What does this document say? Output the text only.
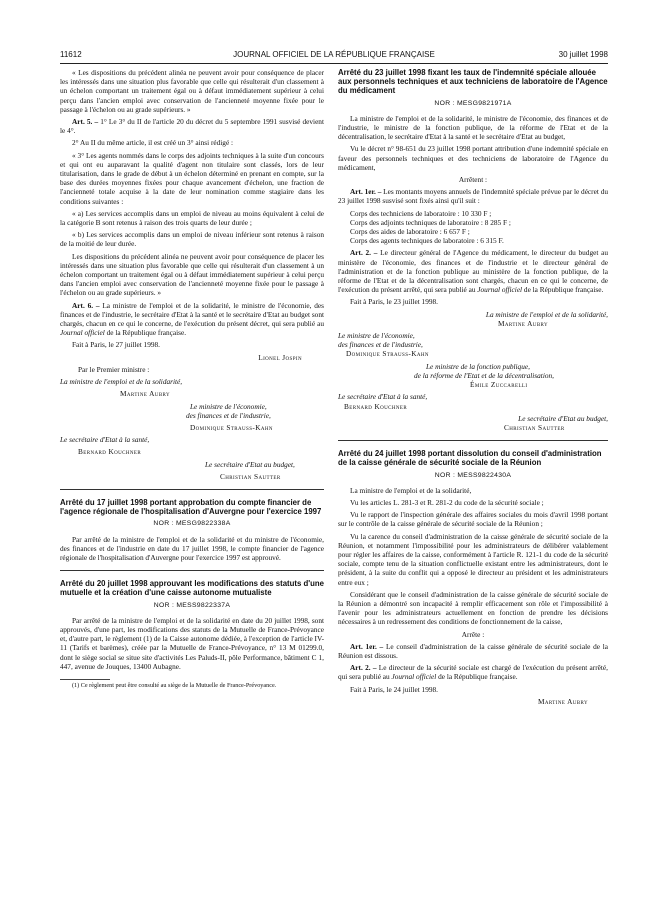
11612	JOURNAL OFFICIEL DE LA RÉPUBLIQUE FRANÇAISE	30 juillet 1998

« Les dispositions du précédent alinéa ne peuvent avoir pour conséquence de placer les intéressés dans une situation plus favorable que celle qui résulterait d'un classement à un échelon comportant un traitement égal ou à défaut immédiatement supérieur à celui perçu dans l'ancien emploi avec conservation de l'ancienneté moyenne fixée pour le passage à l'échelon ou au grade supérieurs. »

Art. 5. – 1° Le 3° du II de l'article 20 du décret du 5 septembre 1991 susvisé devient le 4°.

2° Au II du même article, il est créé un 3° ainsi rédigé :

« 3° Les agents nommés dans le corps des adjoints techniques à la suite d'un concours et qui ont eu auparavant la qualité d'agent non titulaire sont classés, lors de leur titularisation, dans le grade de début à un échelon déterminé en prenant en compte, sur la base des durées moyennes fixées pour chaque avancement d'échelon, une fraction de l'ancienneté totale acquise à la date de leur nomination comme stagiaire dans les conditions suivantes :

« a) Les services accomplis dans un emploi de niveau au moins équivalent à celui de la catégorie B sont retenus à raison des trois quarts de leur durée ;

« b) Les services accomplis dans un emploi de niveau inférieur sont retenus à raison de la moitié de leur durée.

Les dispositions du précédent alinéa ne peuvent avoir pour conséquence de placer les intéressés dans une situation plus favorable que celle qui résulterait d'un classement à un échelon comportant un traitement égal ou à défaut immédiatement supérieur à celui perçu dans l'ancien emploi avec conservation de l'ancienneté moyenne fixée pour le passage à l'échelon ou au grade supérieurs. »

Art. 6. – La ministre de l'emploi et de la solidarité, le ministre de l'économie, des finances et de l'industrie, le secrétaire d'Etat à la santé et le secrétaire d'Etat au budget sont chargés, chacun en ce qui le concerne, de l'exécution du présent décret, qui sera publié au Journal officiel de la République française.

Fait à Paris, le 27 juillet 1998.

Lionel Jospin
Par le Premier ministre :
La ministre de l'emploi et de la solidarité,
Martine Aubry
Le ministre de l'économie,
des finances et de l'industrie,
Dominique Strauss-Kahn
Le secrétaire d'Etat à la santé,
Bernard Kouchner
Le secrétaire d'Etat au budget,
Christian Sautter
Arrêté du 17 juillet 1998 portant approbation du compte financier de l'agence régionale de l'hospitalisation d'Auvergne pour l'exercice 1997
NOR : MESG9822338A

Par arrêté de la ministre de l'emploi et de la solidarité et du ministre de l'économie, des finances et de l'industrie en date du 17 juillet 1998, le compte financier de l'agence régionale de l'hospitalisation d'Auvergne pour l'exercice 1997 est approuvé.

Arrêté du 20 juillet 1998 approuvant les modifications des statuts d'une mutuelle et la création d'une caisse autonome mutualiste
NOR : MESS9822337A

Par arrêté de la ministre de l'emploi et de la solidarité en date du 20 juillet 1998, sont approuvés, d'une part, les modifications des statuts de la Mutuelle de France-Prévoyance et, d'autre part, le règlement (1) de la Caisse autonome dédiée, à l'exception de l'article IV-11 (Tarifs et barèmes), créée par la Mutuelle de France-Prévoyance, n° 13 M 01299.0, dont le siège social se situe site d'activités Les Paluds-II, pôle Performance, bâtiment C 1, 447, avenue de Jouques, 13400 Aubagne.

(1) Ce règlement peut être consulté au siège de la Mutuelle de France-Prévoyance.

Arrêté du 23 juillet 1998 fixant les taux de l'indemnité spéciale allouée aux personnels techniques et aux techniciens de laboratoire de l'Agence du médicament
NOR : MESG9821971A

La ministre de l'emploi et de la solidarité, le ministre de l'économie, des finances et de l'industrie, le ministre de la fonction publique, de la réforme de l'Etat et de la décentralisation, le secrétaire d'Etat à la santé et le secrétaire d'Etat au budget,

Vu le décret n° 98-651 du 23 juillet 1998 portant attribution d'une indemnité spéciale en faveur des personnels techniques et des techniciens de laboratoire de l'Agence du médicament,

Arrêtent :

Art. 1er. – Les montants moyens annuels de l'indemnité spéciale prévue par le décret du 23 juillet 1998 susvisé sont fixés ainsi qu'il suit :

Corps des techniciens de laboratoire : 10 330 F ;
Corps des adjoints techniques de laboratoire : 8 285 F ;
Corps des aides de laboratoire : 6 657 F ;
Corps des agents techniques de laboratoire : 6 315 F.

Art. 2. – Le directeur général de l'Agence du médicament, le directeur du budget au ministère de l'économie, des finances et de l'industrie et le directeur général de l'administration et de la fonction publique au ministère de la fonction publique, de la réforme de l'Etat et de la décentralisation sont chargés, chacun en ce qui le concerne, de l'exécution du présent arrêté, qui sera publié au Journal officiel de la République française.

Fait à Paris, le 23 juillet 1998.

La ministre de l'emploi et de la solidarité,
Martine Aubry
Le ministre de l'économie,
des finances et de l'industrie,
Dominique Strauss-Kahn
Le ministre de la fonction publique,
de la réforme de l'Etat et de la décentralisation,
Émile Zuccarelli
Le secrétaire d'Etat à la santé,
Bernard Kouchner
Le secrétaire d'Etat au budget,
Christian Sautter
Arrêté du 24 juillet 1998 portant dissolution du conseil d'administration de la caisse générale de sécurité sociale de la Réunion
NOR : MESS9822430A

La ministre de l'emploi et de la solidarité,

Vu les articles L. 281-3 et R. 281-2 du code de la sécurité sociale ;

Vu le rapport de l'inspection générale des affaires sociales du mois d'avril 1998 portant sur le contrôle de la caisse générale de sécurité sociale de la Réunion ;

Vu la carence du conseil d'administration de la caisse générale de sécurité sociale de la Réunion, et notamment l'impossibilité pour les administrateurs de délibérer valablement pour régler les affaires de la caisse, conformément à l'article R. 121-1 du code de la sécurité sociale, compte tenu de la situation conflictuelle existant entre les administrateurs, dont le président, à la suite du conflit qui a opposé le directeur au président et les administrateurs entre eux ;

Considérant que le conseil d'administration de la caisse générale de sécurité sociale de la Réunion a démontré son incapacité à remplir efficacement son rôle et l'impossibilité à l'avenir pour les administrateurs actuellement en fonction de prendre les décisions nécessaires à un redressement des conditions de fonctionnement de la caisse,

Arrête :

Art. 1er. – Le conseil d'administration de la caisse générale de sécurité sociale de la Réunion est dissous.

Art. 2. – Le directeur de la sécurité sociale est chargé de l'exécution du présent arrêté, qui sera publié au Journal officiel de la République française.

Fait à Paris, le 24 juillet 1998.

Martine Aubry
